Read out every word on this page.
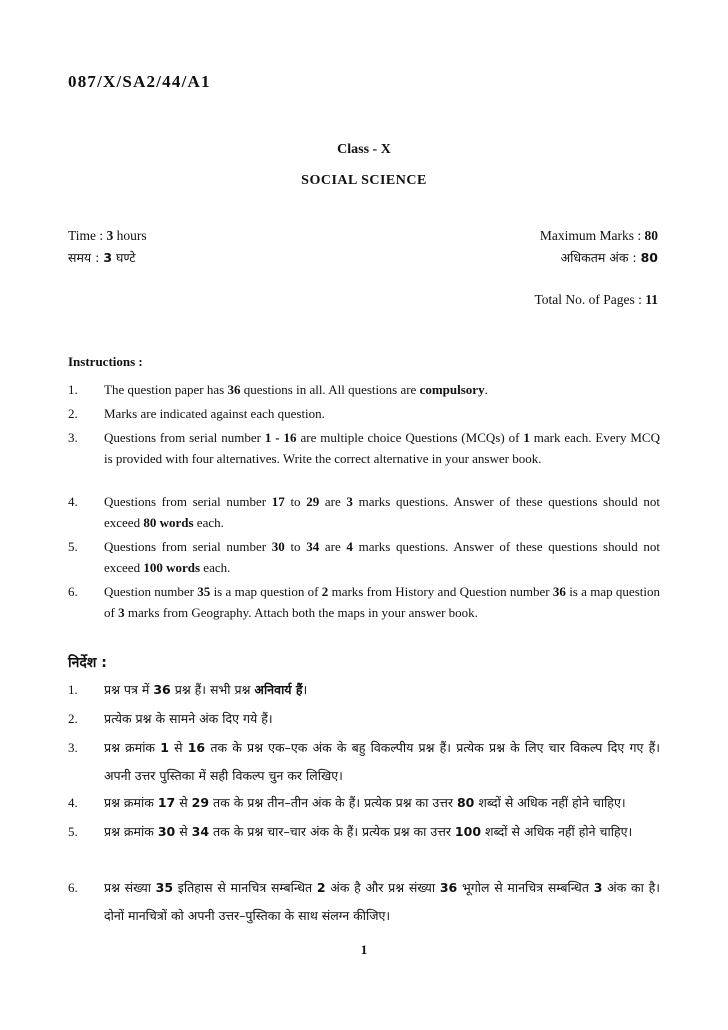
087/X/SA2/44/A1
Class - X
SOCIAL SCIENCE
Time : 3 hours
समय : 3 घण्टे
Maximum Marks : 80
अधिकतम अंक : 80
Total No. of Pages : 11
Instructions :
1. The question paper has 36 questions in all. All questions are compulsory.
2. Marks are indicated against each question.
3. Questions from serial number 1 - 16 are multiple choice Questions (MCQs) of 1 mark each. Every MCQ is provided with four alternatives. Write the correct alternative in your answer book.
4. Questions from serial number 17 to 29 are 3 marks questions. Answer of these questions should not exceed 80 words each.
5. Questions from serial number 30 to 34 are 4 marks questions. Answer of these questions should not exceed 100 words each.
6. Question number 35 is a map question of 2 marks from History and Question number 36 is a map question of 3 marks from Geography. Attach both the maps in your answer book.
निर्देश :
1. प्रश्न पत्र में 36 प्रश्न हैं। सभी प्रश्न अनिवार्य हैं।
2. प्रत्येक प्रश्न के सामने अंक दिए गये हैं।
3. प्रश्न क्रमांक 1 से 16 तक के प्रश्न एक–एक अंक के बहु विकल्पीय प्रश्न हैं। प्रत्येक प्रश्न के लिए चार विकल्प दिए गए हैं। अपनी उत्तर पुस्तिका में सही विकल्प चुन कर लिखिए।
4. प्रश्न क्रमांक 17 से 29 तक के प्रश्न तीन–तीन अंक के हैं। प्रत्येक प्रश्न का उत्तर 80 शब्दों से अधिक नहीं होने चाहिए।
5. प्रश्न क्रमांक 30 से 34 तक के प्रश्न चार–चार अंक के हैं। प्रत्येक प्रश्न का उत्तर 100 शब्दों से अधिक नहीं होने चाहिए।
6. प्रश्न संख्या 35 इतिहास से मानचित्र सम्बन्धित 2 अंक है और प्रश्न संख्या 36 भूगोल से मानचित्र सम्बन्धित 3 अंक का है। दोनों मानचित्रों को अपनी उत्तर–पुस्तिका के साथ संलग्न कीजिए।
1
